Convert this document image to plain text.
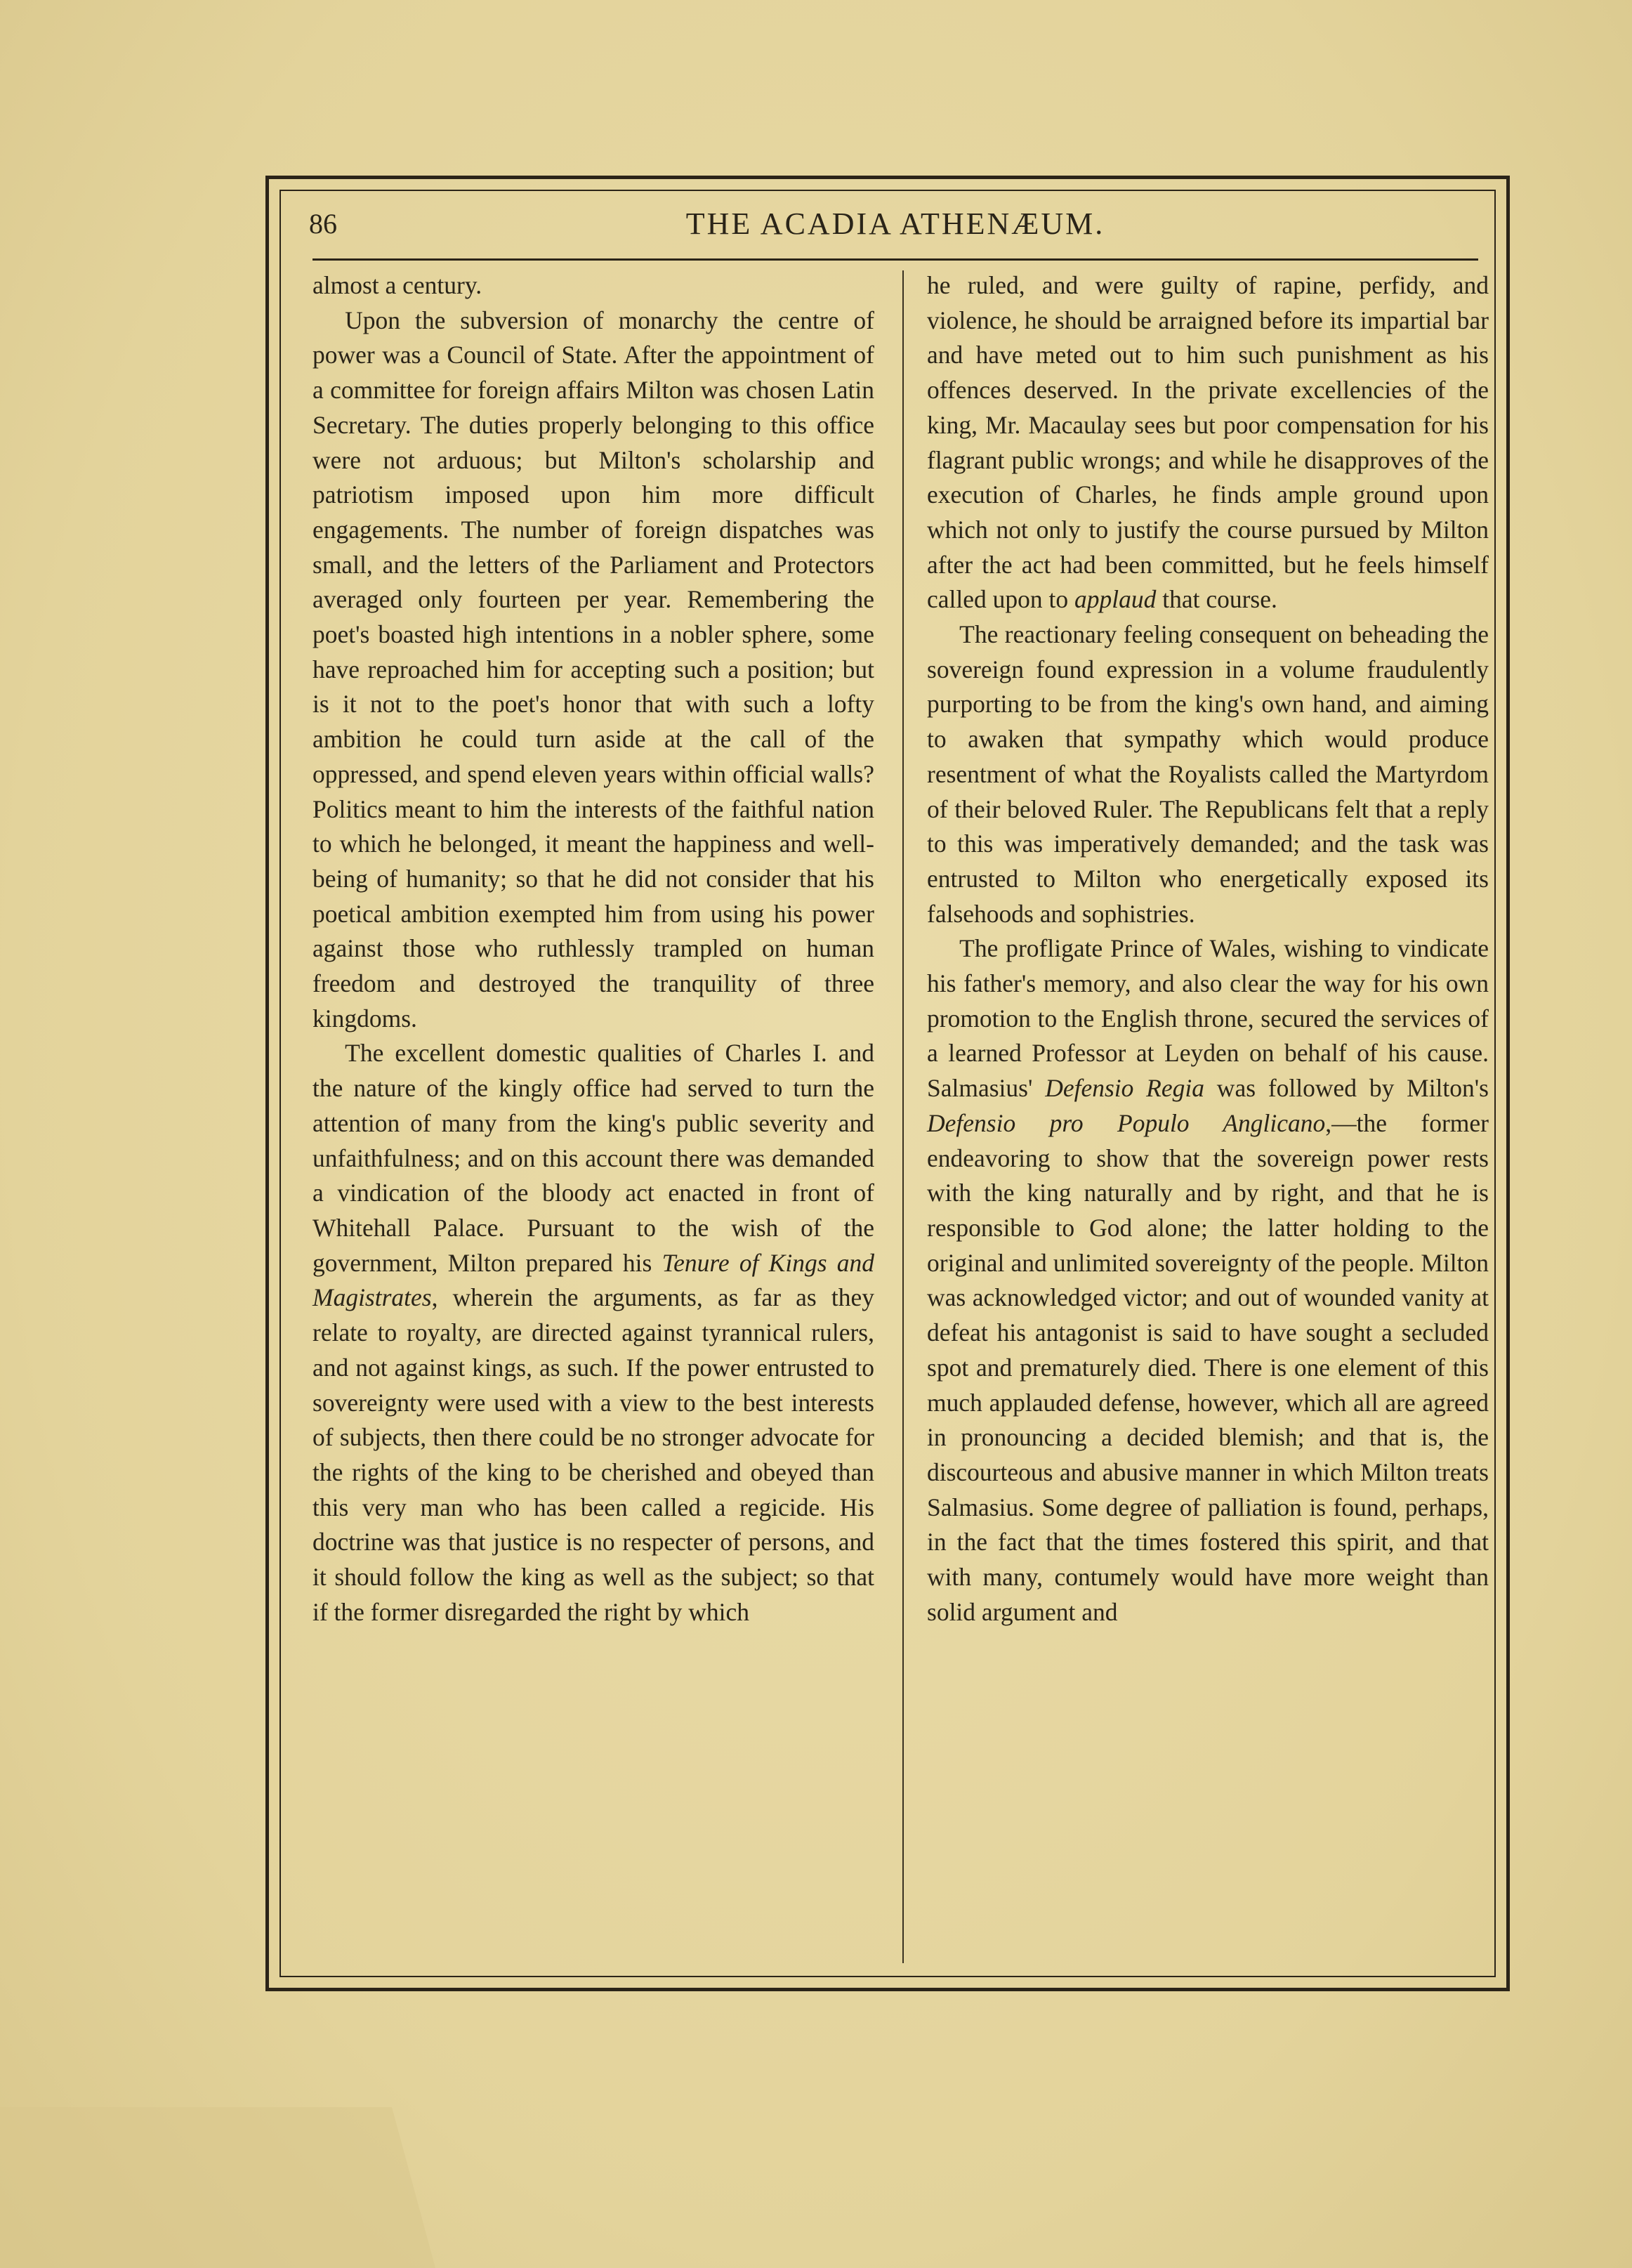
86	THE ACADIA ATHENÆUM.

almost a century.

Upon the subversion of monarchy the centre of power was a Council of State. After the appointment of a committee for foreign affairs Milton was chosen Latin Secretary. The duties properly belonging to this office were not arduous; but Milton's scholarship and patriotism imposed upon him more difficult engagements. The number of foreign dispatches was small, and the letters of the Parliament and Protectors averaged only fourteen per year. Remembering the poet's boasted high intentions in a nobler sphere, some have reproached him for accepting such a position; but is it not to the poet's honor that with such a lofty ambition he could turn aside at the call of the oppressed, and spend eleven years within official walls? Politics meant to him the interests of the faithful nation to which he belonged, it meant the happiness and well-being of humanity; so that he did not consider that his poetical ambition exempted him from using his power against those who ruthlessly trampled on human freedom and destroyed the tranquility of three kingdoms.

The excellent domestic qualities of Charles I. and the nature of the kingly office had served to turn the attention of many from the king's public severity and unfaithfulness; and on this account there was demanded a vindication of the bloody act enacted in front of Whitehall Palace. Pursuant to the wish of the government, Milton prepared his Tenure of Kings and Magistrates, wherein the arguments, as far as they relate to royalty, are directed against tyrannical rulers, and not against kings, as such. If the power entrusted to sovereignty were used with a view to the best interests of subjects, then there could be no stronger advocate for the rights of the king to be cherished and obeyed than this very man who has been called a regicide. His doctrine was that justice is no respecter of persons, and it should follow the king as well as the subject; so that if the former disregarded the right by which

he ruled, and were guilty of rapine, perfidy, and violence, he should be arraigned before its impartial bar and have meted out to him such punishment as his offences deserved. In the private excellencies of the king, Mr. Macaulay sees but poor compensation for his flagrant public wrongs; and while he disapproves of the execution of Charles, he finds ample ground upon which not only to justify the course pursued by Milton after the act had been committed, but he feels himself called upon to applaud that course.

The reactionary feeling consequent on beheading the sovereign found expression in a volume fraudulently purporting to be from the king's own hand, and aiming to awaken that sympathy which would produce resentment of what the Royalists called the Martyrdom of their beloved Ruler. The Republicans felt that a reply to this was imperatively demanded; and the task was entrusted to Milton who energetically exposed its falsehoods and sophistries.

The profligate Prince of Wales, wishing to vindicate his father's memory, and also clear the way for his own promotion to the English throne, secured the services of a learned Professor at Leyden on behalf of his cause. Salmasius' Defensio Regia was followed by Milton's Defensio pro Populo Anglicano,—the former endeavoring to show that the sovereign power rests with the king naturally and by right, and that he is responsible to God alone; the latter holding to the original and unlimited sovereignty of the people. Milton was acknowledged victor; and out of wounded vanity at defeat his antagonist is said to have sought a secluded spot and prematurely died. There is one element of this much applauded defense, however, which all are agreed in pronouncing a decided blemish; and that is, the discourteous and abusive manner in which Milton treats Salmasius. Some degree of palliation is found, perhaps, in the fact that the times fostered this spirit, and that with many, contumely would have more weight than solid argument and
